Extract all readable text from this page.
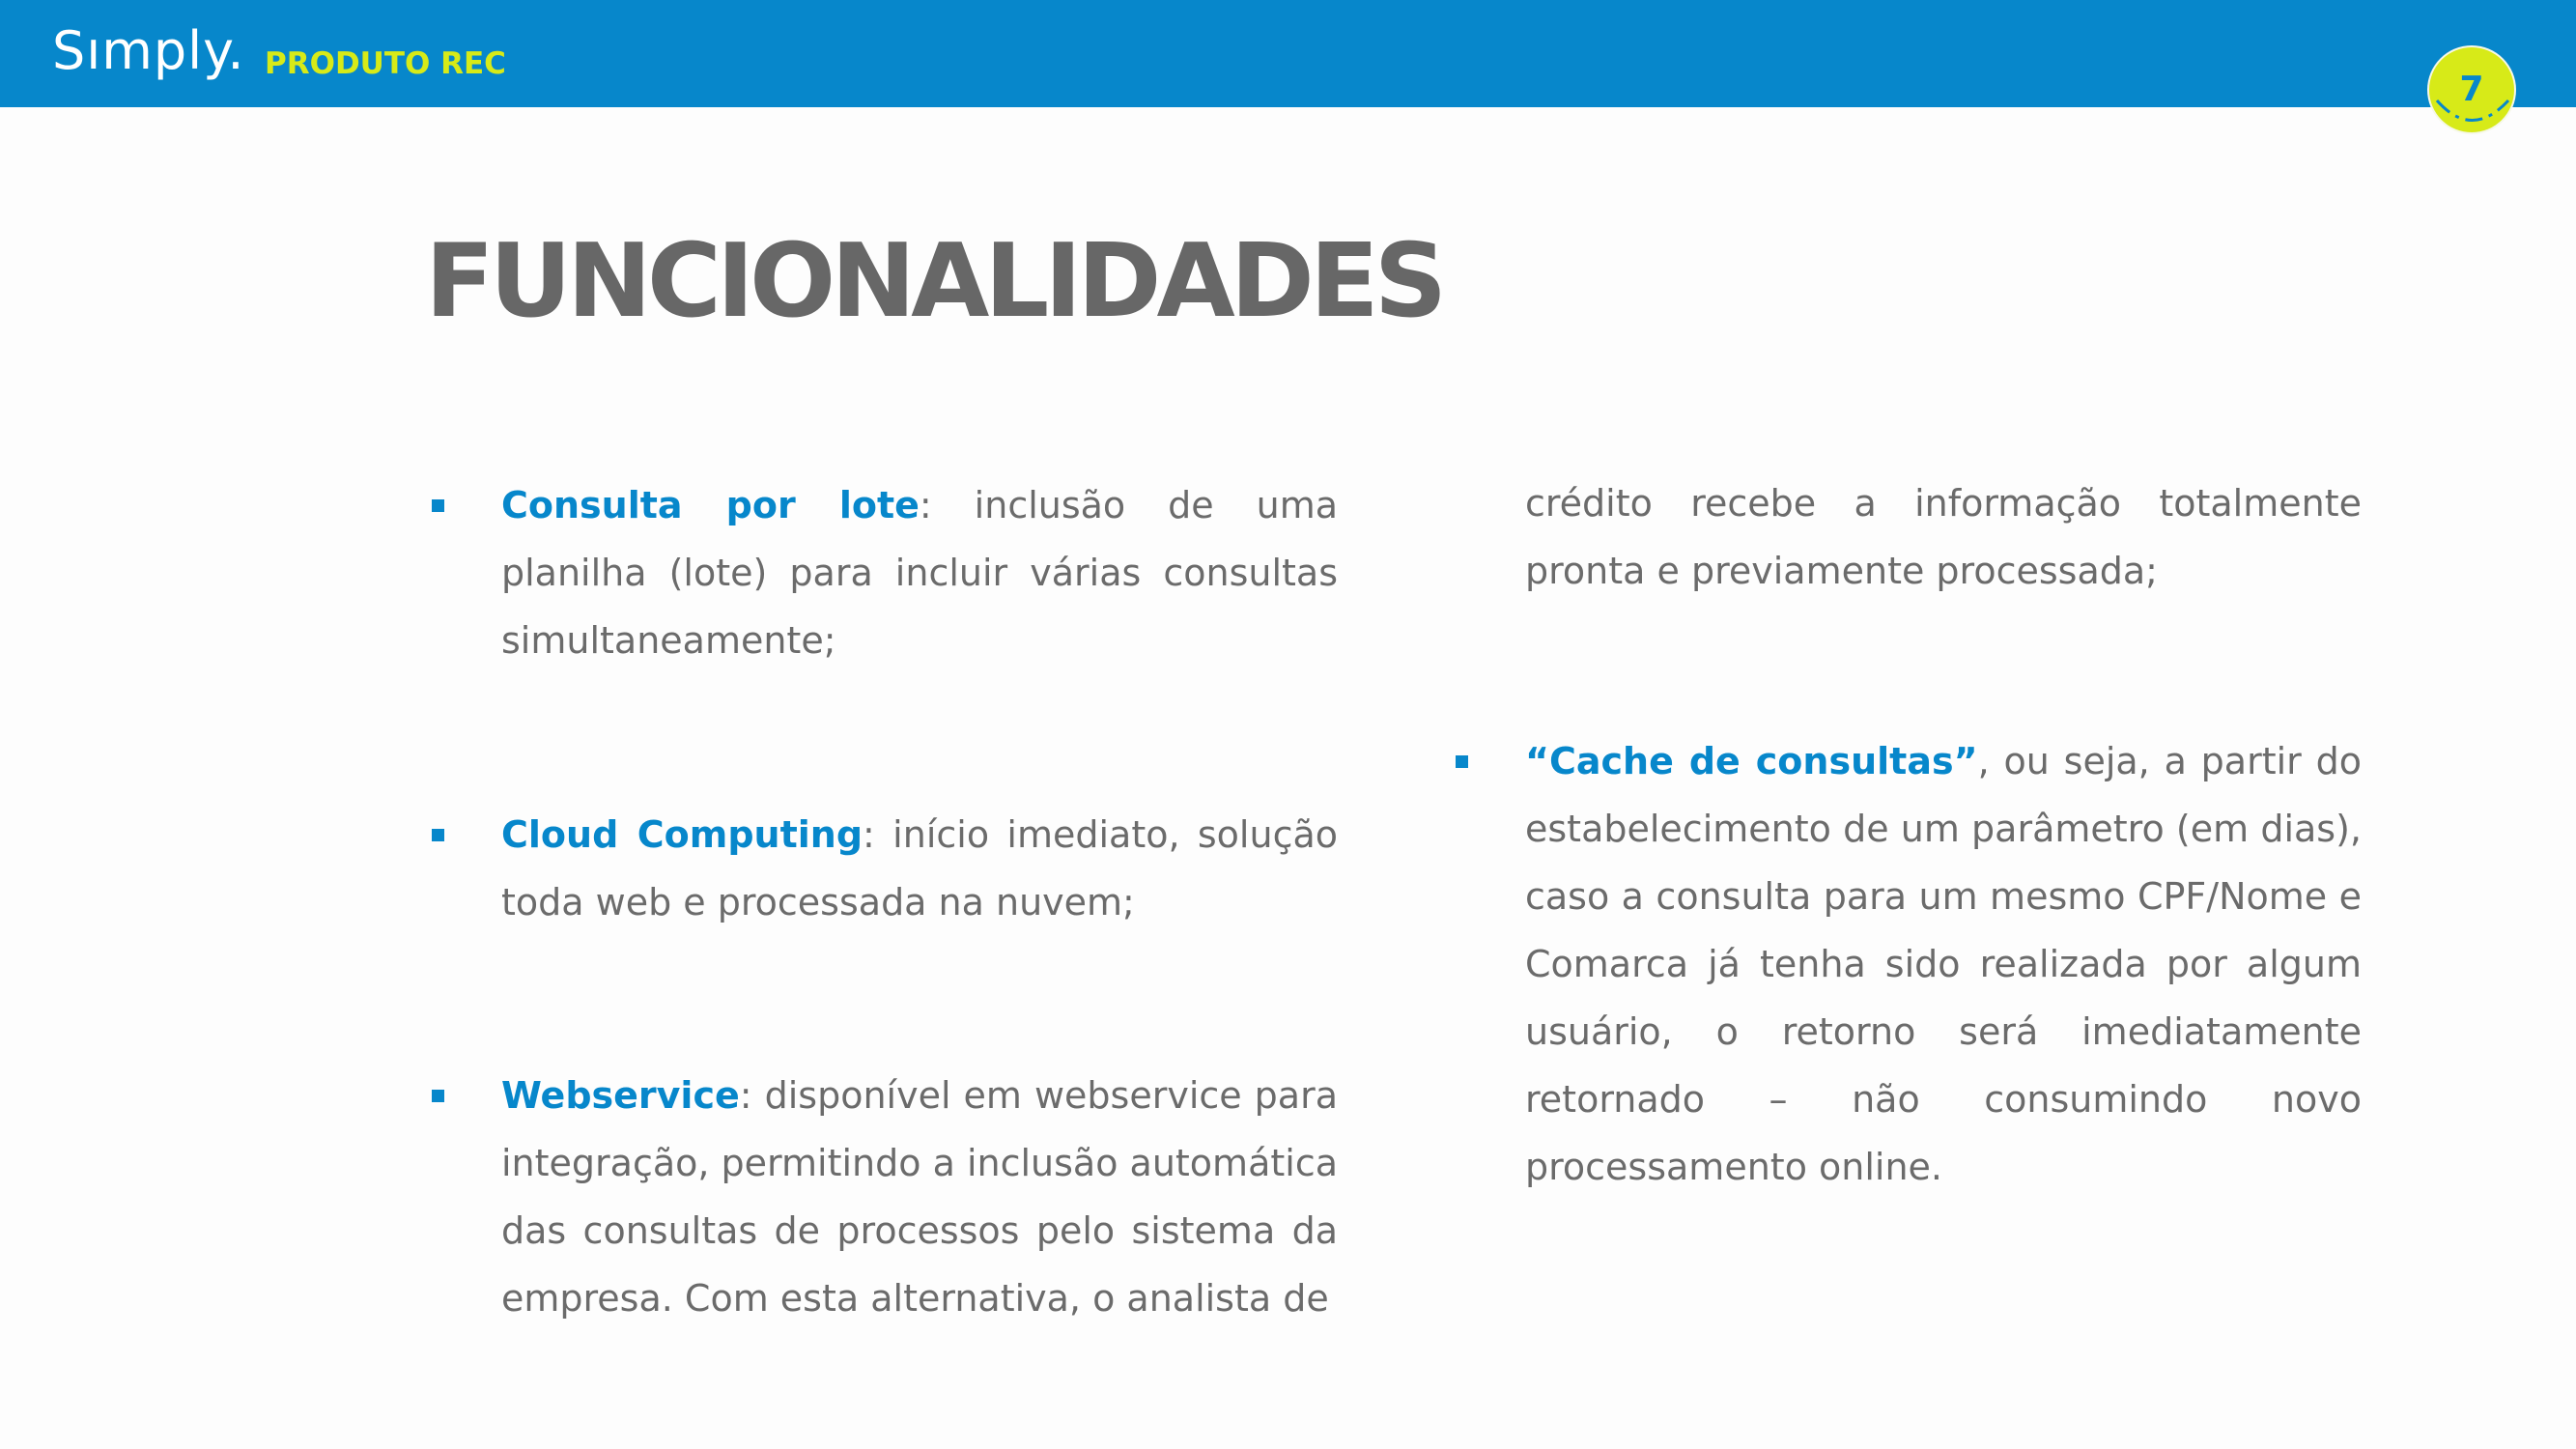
Sımply. PRODUTO REC
7
FUNCIONALIDADES
Consulta por lote: inclusão de uma planilha (lote) para incluir várias consultas simultaneamente;
Cloud Computing: início imediato, solução toda web e processada na nuvem;
Webservice: disponível em webservice para integração, permitindo a inclusão automática das consultas de processos pelo sistema da empresa. Com esta alternativa, o analista de
crédito recebe a informação totalmente pronta e previamente processada;
“Cache de consultas”, ou seja, a partir do estabelecimento de um parâmetro (em dias), caso a consulta para um mesmo CPF/Nome e Comarca já tenha sido realizada por algum usuário, o retorno será imediatamente retornado – não consumindo novo processamento online.
